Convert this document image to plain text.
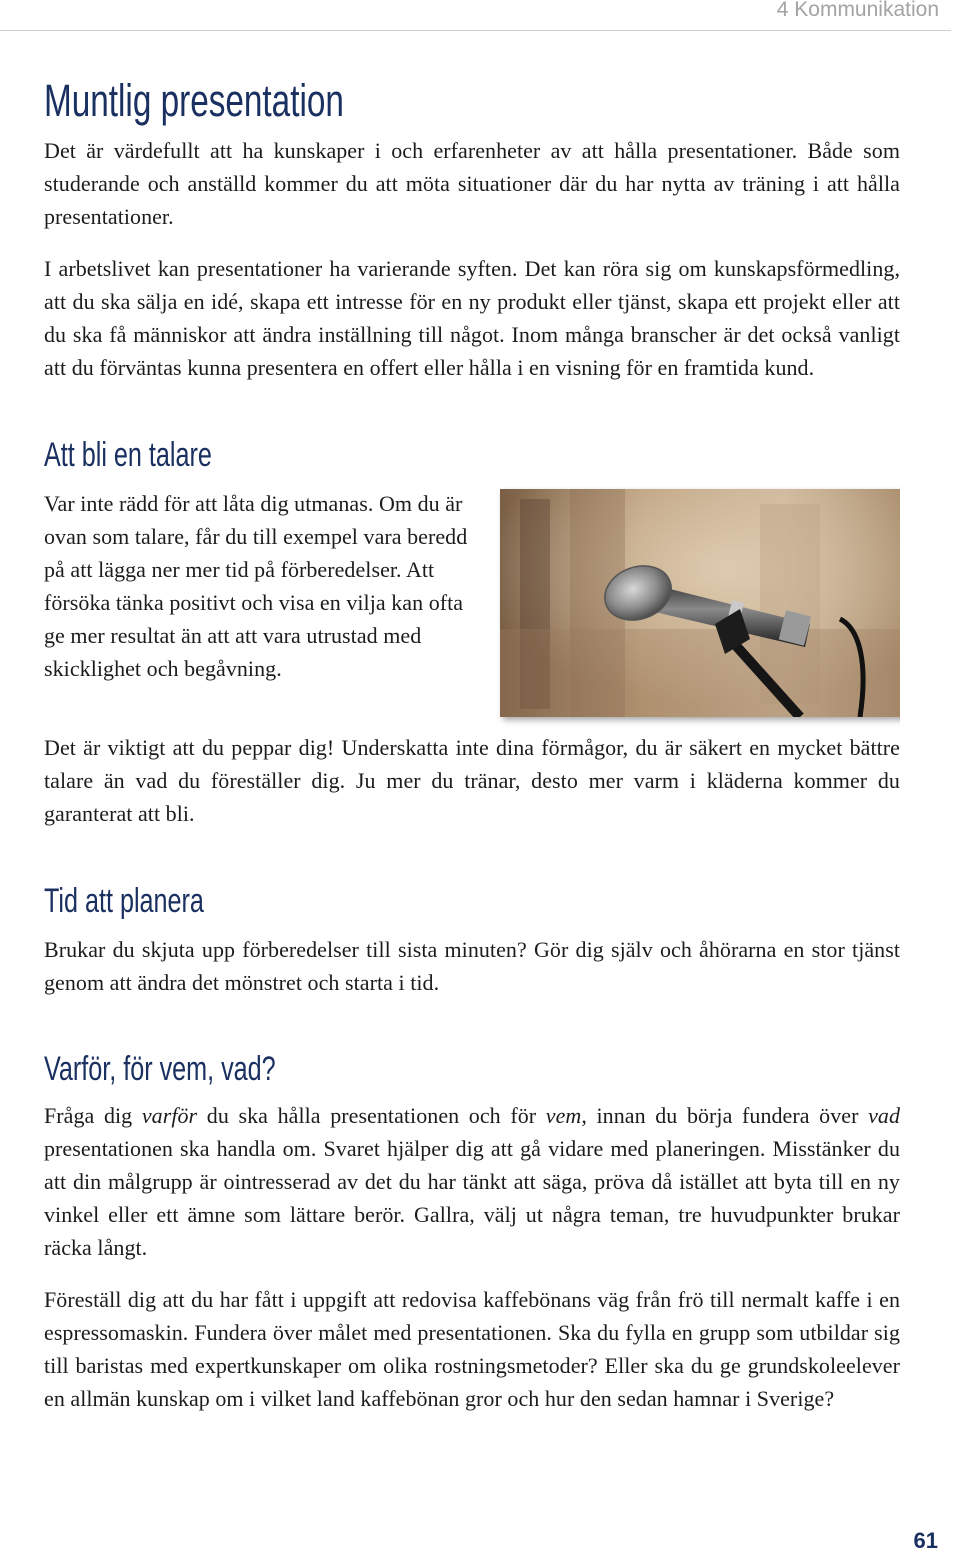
4 Kommunikation
Muntlig presentation

Det är värdefullt att ha kunskaper i och erfarenheter av att hålla presentationer. Både som studerande och anställd kommer du att möta situationer där du har nytta av träning i att hålla presentationer.

I arbetslivet kan presentationer ha varierande syften. Det kan röra sig om kunskapsförmedling, att du ska sälja en idé, skapa ett intresse för en ny produkt eller tjänst, skapa ett projekt eller att du ska få människor att ändra inställning till något. Inom många branscher är det också vanligt att du förväntas kunna presentera en offert eller hålla i en visning för en framtida kund.

Att bli en talare

Var inte rädd för att låta dig utmanas. Om du är ovan som talare, får du till exempel vara beredd på att lägga ner mer tid på förberedelser. Att försöka tänka positivt och visa en vilja kan ofta ge mer resultat än att att vara utrustad med skicklighet och begåvning.

Det är viktigt att du peppar dig! Underskatta inte dina förmågor, du är säkert en mycket bättre talare än vad du föreställer dig. Ju mer du tränar, desto mer varm i kläderna kommer du garanterat att bli.

Tid att planera

Brukar du skjuta upp förberedelser till sista minuten? Gör dig själv och åhörarna en stor tjänst genom att ändra det mönstret och starta i tid.

Varför, för vem, vad?

Fråga dig varför du ska hålla presentationen och för vem, innan du börja fundera över vad presentationen ska handla om. Svaret hjälper dig att gå vidare med planeringen. Misstänker du att din målgrupp är ointresserad av det du har tänkt att säga, pröva då istället att byta till en ny vinkel eller ett ämne som lättare berör. Gallra, välj ut några teman, tre huvudpunkter brukar räcka långt.

Föreställ dig att du har fått i uppgift att redovisa kaffebönans väg från frö till nermalt kaffe i en espressomaskin. Fundera över målet med presentationen. Ska du fylla en grupp som utbildar sig till baristas med expertkunskaper om olika rostningsmetoder? Eller ska du ge grundskoleelever en allmän kunskap om i vilket land kaffebönan gror och hur den sedan hamnar i Sverige?

61
